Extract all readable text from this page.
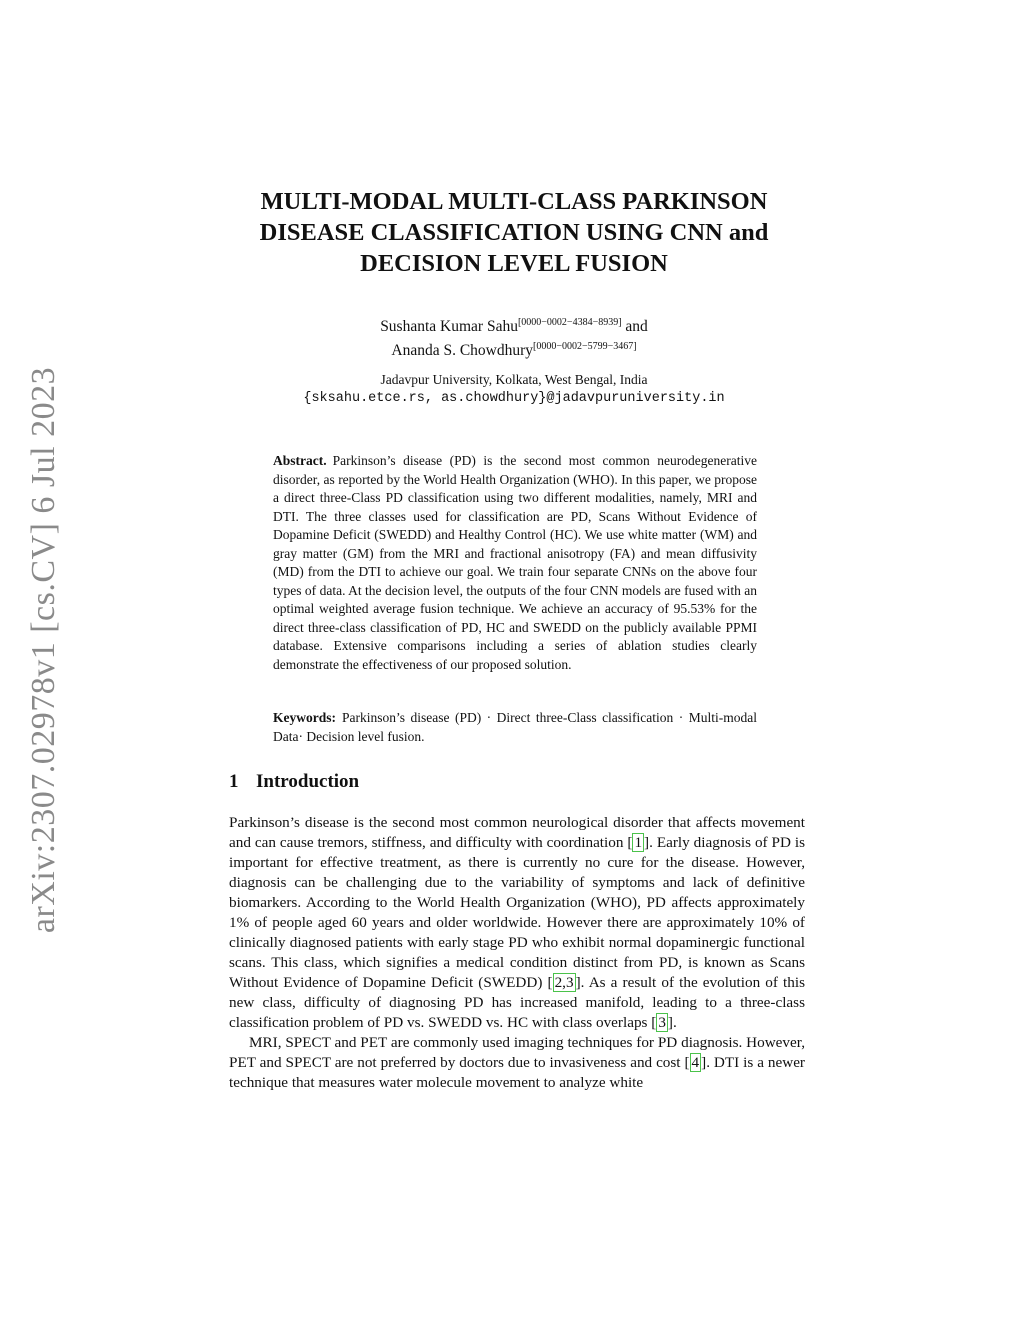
arXiv:2307.02978v1 [cs.CV] 6 Jul 2023
MULTI-MODAL MULTI-CLASS PARKINSON
DISEASE CLASSIFICATION USING CNN and
DECISION LEVEL FUSION
Sushanta Kumar Sahu[0000−0002−4384−8939] and
Ananda S. Chowdhury[0000−0002−5799−3467]
Jadavpur University, Kolkata, West Bengal, India
{sksahu.etce.rs, as.chowdhury}@jadavpuruniversity.in

Abstract. Parkinson’s disease (PD) is the second most common neurodegenerative disorder, as reported by the World Health Organization (WHO). In this paper, we propose a direct three-Class PD classification using two different modalities, namely, MRI and DTI. The three classes used for classification are PD, Scans Without Evidence of Dopamine Deficit (SWEDD) and Healthy Control (HC). We use white matter (WM) and gray matter (GM) from the MRI and fractional anisotropy (FA) and mean diffusivity (MD) from the DTI to achieve our goal. We train four separate CNNs on the above four types of data. At the decision level, the outputs of the four CNN models are fused with an optimal weighted average fusion technique. We achieve an accuracy of 95.53% for the direct three-class classification of PD, HC and SWEDD on the publicly available PPMI database. Extensive comparisons including a series of ablation studies clearly demonstrate the effectiveness of our proposed solution.

Keywords: Parkinson’s disease (PD) · Direct three-Class classification · Multi-modal Data· Decision level fusion.

1 Introduction

Parkinson’s disease is the second most common neurological disorder that affects movement and can cause tremors, stiffness, and difficulty with coordination [ 1 ]. Early diagnosis of PD is important for effective treatment, as there is currently no cure for the disease. However, diagnosis can be challenging due to the variability of symptoms and lack of definitive biomarkers. According to the World Health Organization (WHO), PD affects approximately 1% of people aged 60 years and older worldwide. However there are approximately 10% of clinically diagnosed patients with early stage PD who exhibit normal dopaminergic functional scans. This class, which signifies a medical condition distinct from PD, is known as Scans Without Evidence of Dopamine Deficit (SWEDD) [ 2,3 ]. As a result of the evolution of this new class, difficulty of diagnosing PD has increased manifold, leading to a three-class classification problem of PD vs. SWEDD vs. HC with class overlaps [ 3 ].

MRI, SPECT and PET are commonly used imaging techniques for PD diagnosis. However, PET and SPECT are not preferred by doctors due to invasiveness and cost [ 4 ]. DTI is a newer technique that measures water molecule movement to analyze white
